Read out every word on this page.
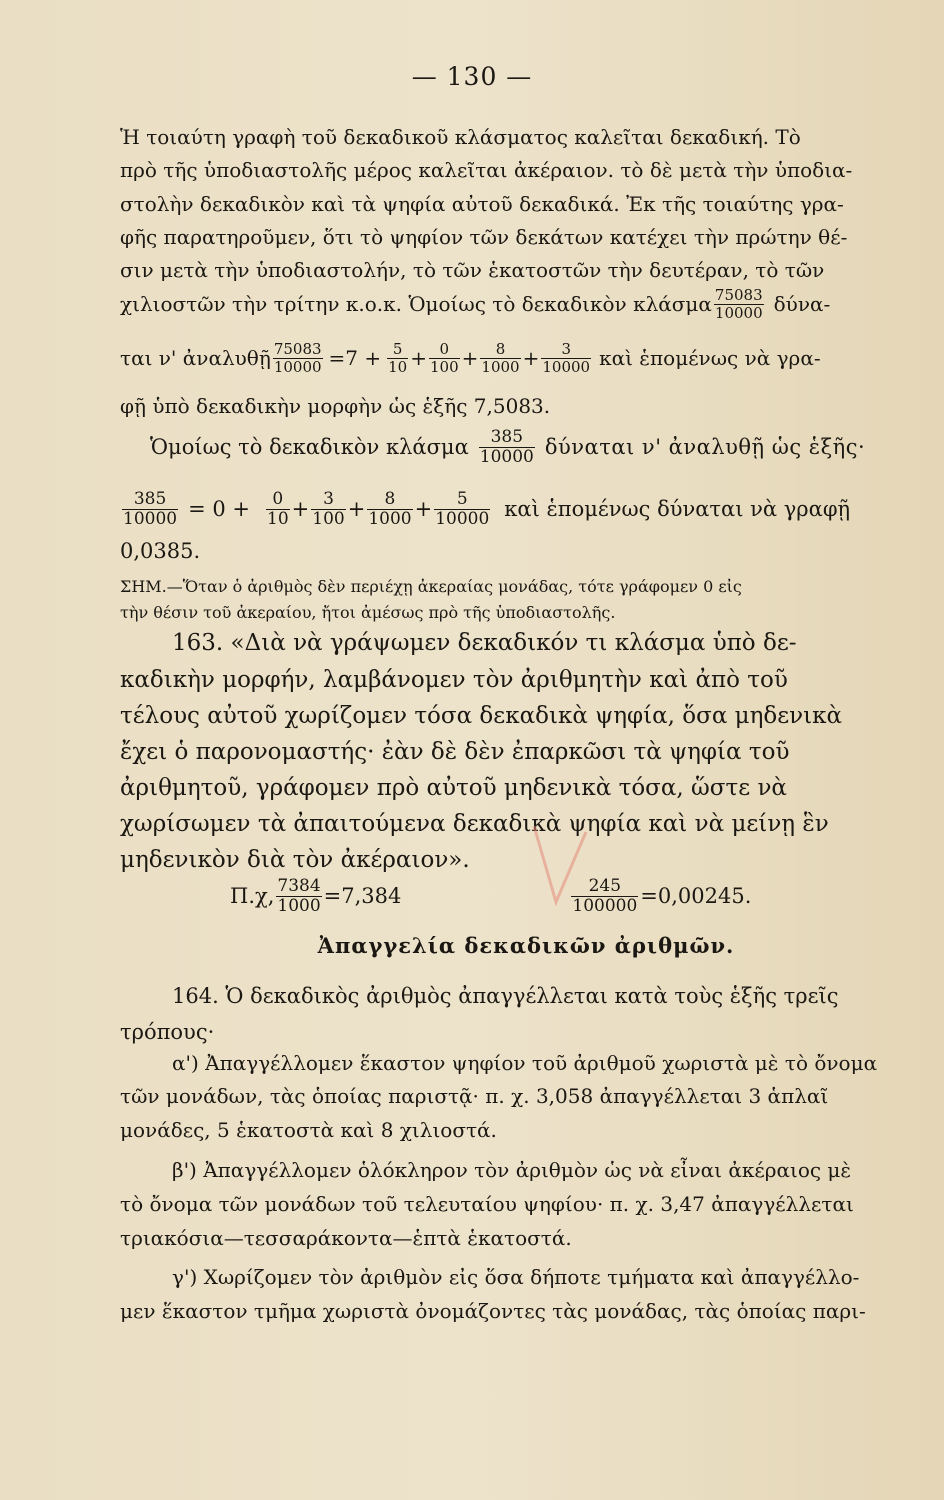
— 130 —
Ἡ τοιαύτη γραφὴ τοῦ δεκαδικοῦ κλάσματος καλεῖται δεκαδική. Τὸ
πρὸ τῆς ὑποδιαστολῆς μέρος καλεῖται ἀκέραιον. τὸ δὲ μετὰ τὴν ὑποδια-
στολὴν δεκαδικὸν καὶ τὰ ψηφία αὐτοῦ δεκαδικά. Ἐκ τῆς τοιαύτης γρα-
φῆς παρατηροῦμεν, ὅτι τὸ ψηφίον τῶν δεκάτων κατέχει τὴν πρώτην θέ-
σιν μετὰ τὴν ὑποδιαστολήν, τὸ τῶν ἑκατοστῶν τὴν δευτέραν, τὸ τῶν
χιλιοστῶν τὴν τρίτην κ.ο.κ. Ὁμοίως τὸ δεκαδικὸν κλάσμα $\frac{75083}{10000} \delta ύ\nu\alpha-$
ται ν' ἀναλυθῇ $\frac{75083}{10000} =7 + \frac{5}{10} + \frac{0}{100} + \frac{8}{1000} + \frac{3}{10000}$ καὶ ἑπομένως νὰ γρα-
φῇ ὑπὸ δεκαδικὴν μορφὴν ὡς ἑξῆς 7,5083.
Ὁμοίως τὸ δεκαδικὸν κλάσμα $\frac{385}{10000}$ δύναται ν' ἀναλυθῇ ὡς ἑξῆς·
$\frac{385}{10000} = 0 + \frac{0}{10} + \frac{3}{100} + \frac{8}{1000} + \frac{5}{10000}$ καὶ ἑπομένως δύναται νὰ γραφῇ
0,0385.
ΣΗΜ.—Ὅταν ὁ ἀριθμὸς δὲν περιέχῃ ἀκεραίας μονάδας, τότε γράφομεν 0 εἰς
τὴν θέσιν τοῦ ἀκεραίου, ἤτοι ἀμέσως πρὸ τῆς ὑποδιαστολῆς.
163. «Διὰ νὰ γράψωμεν δεκαδικόν τι κλάσμα ὑπὸ δε-
καδικὴν μορφήν, λαμβάνομεν τὸν ἀριθμητὴν καὶ ἀπὸ τοῦ
τέλους αὐτοῦ χωρίζομεν τόσα δεκαδικὰ ψηφία, ὅσα μηδενικὰ
ἔχει ὁ παρονομαστής· ἐὰν δὲ δὲν ἐπαρκῶσι τὰ ψηφία τοῦ
ἀριθμητοῦ, γράφομεν πρὸ αὐτοῦ μηδενικὰ τόσα, ὥστε νὰ
χωρίσωμεν τὰ ἀπαιτούμενα δεκαδικὰ ψηφία καὶ νὰ μείνῃ ἓν
μηδενικὸν διὰ τὸν ἀκέραιον».
Π.χ, $\frac{7384}{1000} =7,384$	$\frac{245}{100000} =0,00245$.
Ἀπαγγελία δεκαδικῶν ἀριθμῶν.
164. Ὁ δεκαδικὸς ἀριθμὸς ἀπαγγέλλεται κατὰ τοὺς ἑξῆς τρεῖς
τρόπους·
α') Ἀπαγγέλλομεν ἕκαστον ψηφίον τοῦ ἀριθμοῦ χωριστὰ μὲ τὸ ὄνομα
τῶν μονάδων, τὰς ὁποίας παριστᾷ· π. χ. 3,058 ἀπαγγέλλεται 3 ἁπλαῖ
μονάδες, 5 ἑκατοστὰ καὶ 8 χιλιοστά.
β') Ἀπαγγέλλομεν ὁλόκληρον τὸν ἀριθμὸν ὡς νὰ εἶναι ἀκέραιος μὲ
τὸ ὄνομα τῶν μονάδων τοῦ τελευταίου ψηφίου· π. χ. 3,47 ἀπαγγέλλεται
τριακόσια—τεσσαράκοντα—ἑπτὰ ἑκατοστά.
γ') Χωρίζομεν τὸν ἀριθμὸν εἰς ὅσα δήποτε τμήματα καὶ ἀπαγγέλλο-
μεν ἕκαστον τμῆμα χωριστὰ ὀνομάζοντες τὰς μονάδας, τὰς ὁποίας παρι-
